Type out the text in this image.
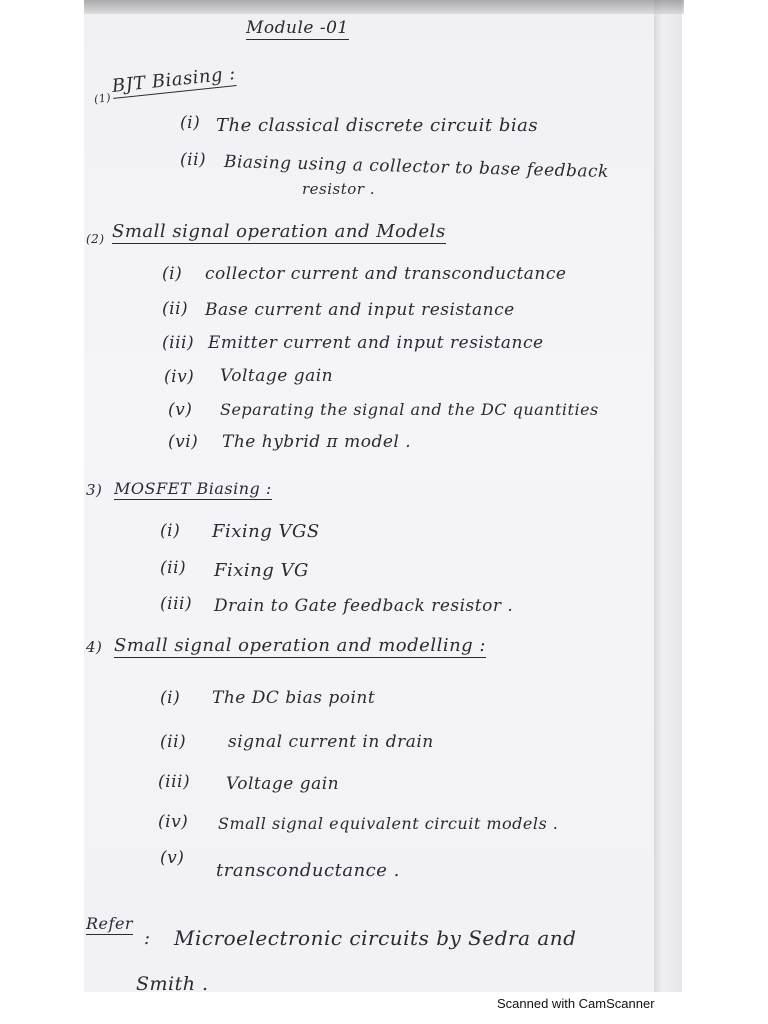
Module -01
(1)
BJT Biasing :
(i) The classical discrete circuit bias
(ii) Biasing using a collector to base feedback
resistor .
(2) Small signal operation and Models
(i) collector current and transconductance
(ii) Base current and input resistance
(iii) Emitter current and input resistance
(iv) Voltage gain
(v) Separating the signal and the DC quantities
(vi) The hybrid π model .
3) MOSFET Biasing :
(i) Fixing VGS
(ii) Fixing VG
(iii) Drain to Gate feedback resistor .
4) Small signal operation and modelling :
(i) The DC bias point
(ii) signal current in drain
(iii) Voltage gain
(iv) Small signal equivalent circuit models .
(v)
transconductance .
Refer
: Microelectronic circuits by Sedra and
Smith .
Scanned with CamScanner
